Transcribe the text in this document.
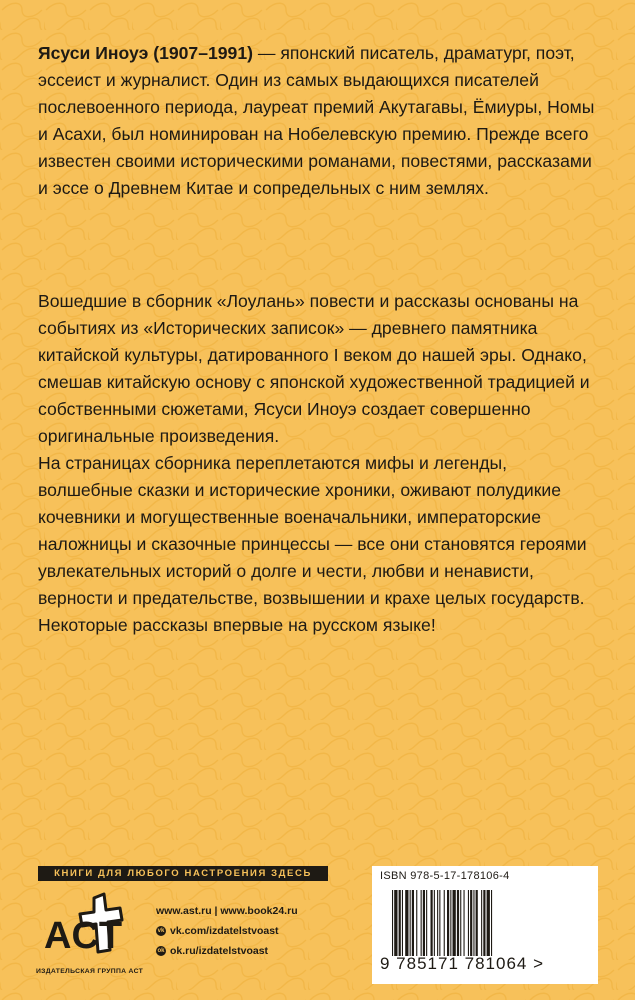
Ясуси Иноуэ (1907–1991) — японский писатель, драматург, поэт, эссеист и журналист. Один из самых выдающихся писателей послевоенного периода, лауреат премий Акутагавы, Ёмиуры, Номы и Асахи, был номинирован на Нобелевскую премию. Прежде всего известен своими историческими романами, повестями, рассказами и эссе о Древнем Китае и сопредельных с ним землях.

Вошедшие в сборник «Лоулань» повести и рассказы основаны на событиях из «Исторических записок» — древнего памятника китайской культуры, датированного I веком до нашей эры. Однако, смешав китайскую основу с японской художественной традицией и собственными сюжетами, Ясуси Иноуэ создает совершенно оригинальные произведения.

На страницах сборника переплетаются мифы и легенды, волшебные сказки и исторические хроники, оживают полудикие кочевники и могущественные военачальники, императорские наложницы и сказочные принцессы — все они становятся героями увлекательных историй о долге и чести, любви и ненависти, верности и предательстве, возвышении и крахе целых государств.

Некоторые рассказы впервые на русском языке!

КНИГИ ДЛЯ ЛЮБОГО НАСТРОЕНИЯ ЗДЕСЬ
ACT
ИЗДАТЕЛЬСКАЯ ГРУППА АСТ
www.ast.ru | www.book24.ru
vk vk.com/izdatelstvoast
ok ok.ru/izdatelstvoast
ISBN 978-5-17-178106-4
9 785171 781064 >
